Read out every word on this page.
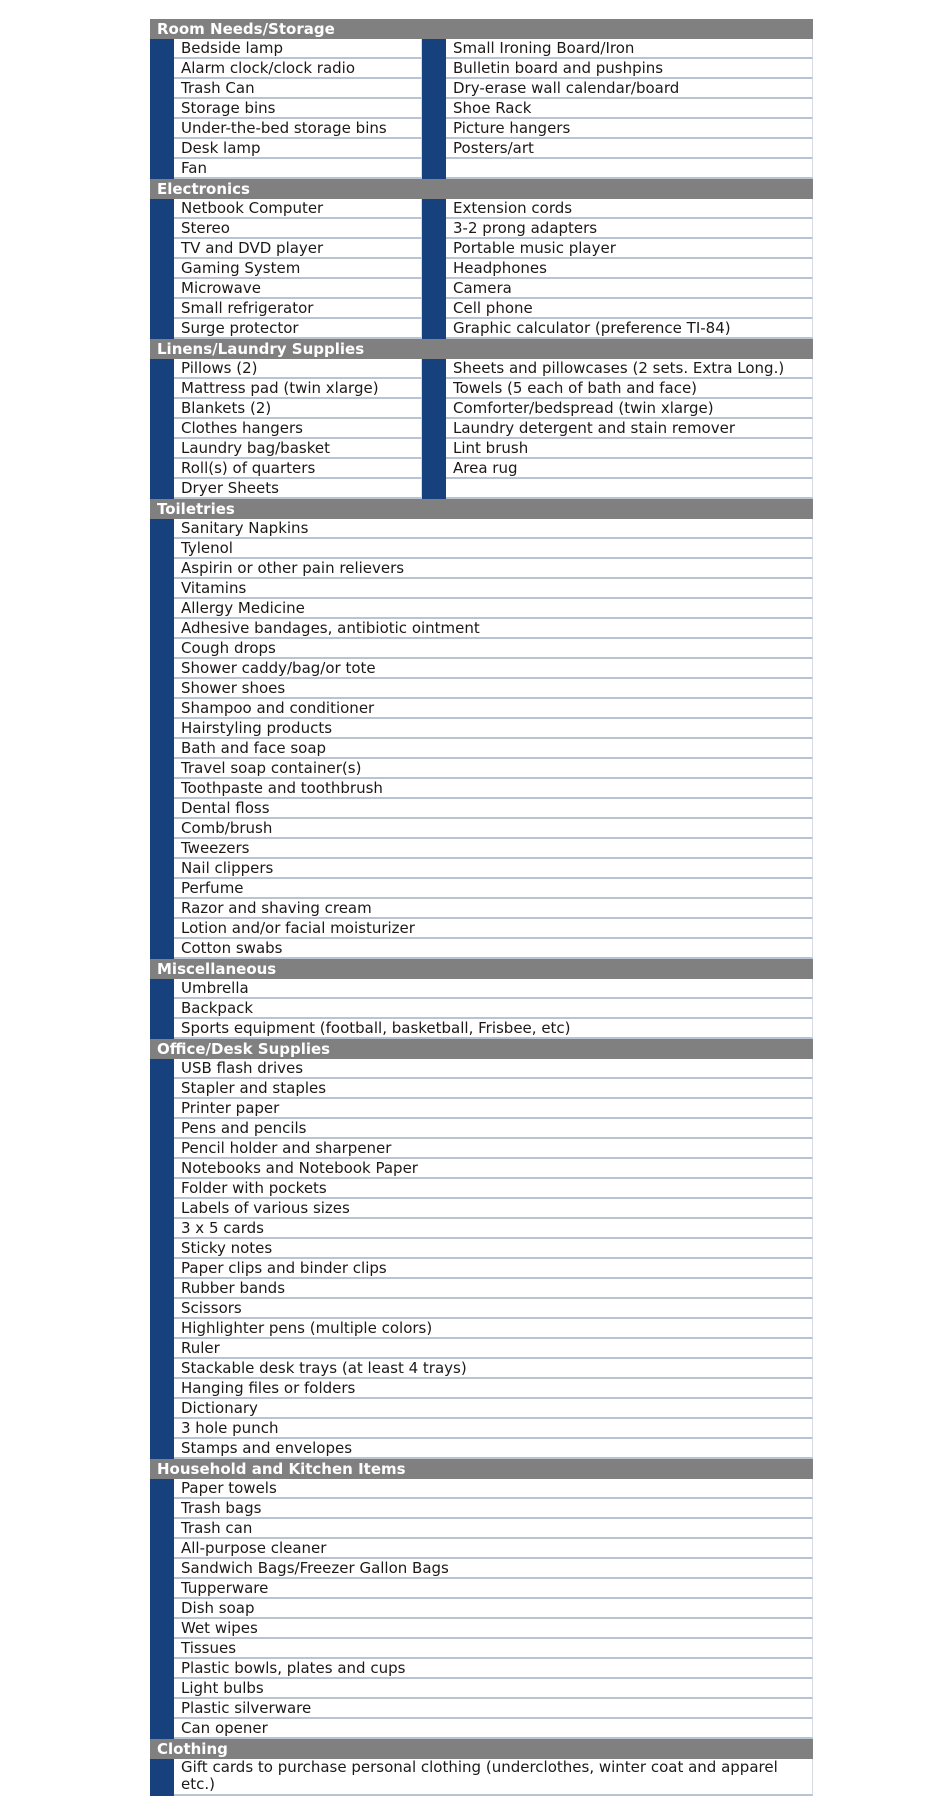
Room Needs/Storage
Bedside lamp	Small Ironing Board/Iron
Alarm clock/clock radio	Bulletin board and pushpins
Trash Can	Dry-erase wall calendar/board
Storage bins	Shoe Rack
Under-the-bed storage bins	Picture hangers
Desk lamp	Posters/art
Fan
Electronics
Netbook Computer	Extension cords
Stereo	3-2 prong adapters
TV and DVD player	Portable music player
Gaming System	Headphones
Microwave	Camera
Small refrigerator	Cell phone
Surge protector	Graphic calculator (preference TI-84)
Linens/Laundry Supplies
Pillows (2)	Sheets and pillowcases (2 sets. Extra Long.)
Mattress pad (twin xlarge)	Towels (5 each of bath and face)
Blankets (2)	Comforter/bedspread (twin xlarge)
Clothes hangers	Laundry detergent and stain remover
Laundry bag/basket	Lint brush
Roll(s) of quarters	Area rug
Dryer Sheets
Toiletries
Sanitary Napkins
Tylenol
Aspirin or other pain relievers
Vitamins
Allergy Medicine
Adhesive bandages, antibiotic ointment
Cough drops
Shower caddy/bag/or tote
Shower shoes
Shampoo and conditioner
Hairstyling products
Bath and face soap
Travel soap container(s)
Toothpaste and toothbrush
Dental floss
Comb/brush
Tweezers
Nail clippers
Perfume
Razor and shaving cream
Lotion and/or facial moisturizer
Cotton swabs
Miscellaneous
Umbrella
Backpack
Sports equipment (football, basketball, Frisbee, etc)
Office/Desk Supplies
USB flash drives
Stapler and staples
Printer paper
Pens and pencils
Pencil holder and sharpener
Notebooks and Notebook Paper
Folder with pockets
Labels of various sizes
3 x 5 cards
Sticky notes
Paper clips and binder clips
Rubber bands
Scissors
Highlighter pens (multiple colors)
Ruler
Stackable desk trays (at least 4 trays)
Hanging files or folders
Dictionary
3 hole punch
Stamps and envelopes
Household and Kitchen Items
Paper towels
Trash bags
Trash can
All-purpose cleaner
Sandwich Bags/Freezer Gallon Bags
Tupperware
Dish soap
Wet wipes
Tissues
Plastic bowls, plates and cups
Light bulbs
Plastic silverware
Can opener
Clothing
Gift cards to purchase personal clothing (underclothes, winter coat and apparel etc.)
